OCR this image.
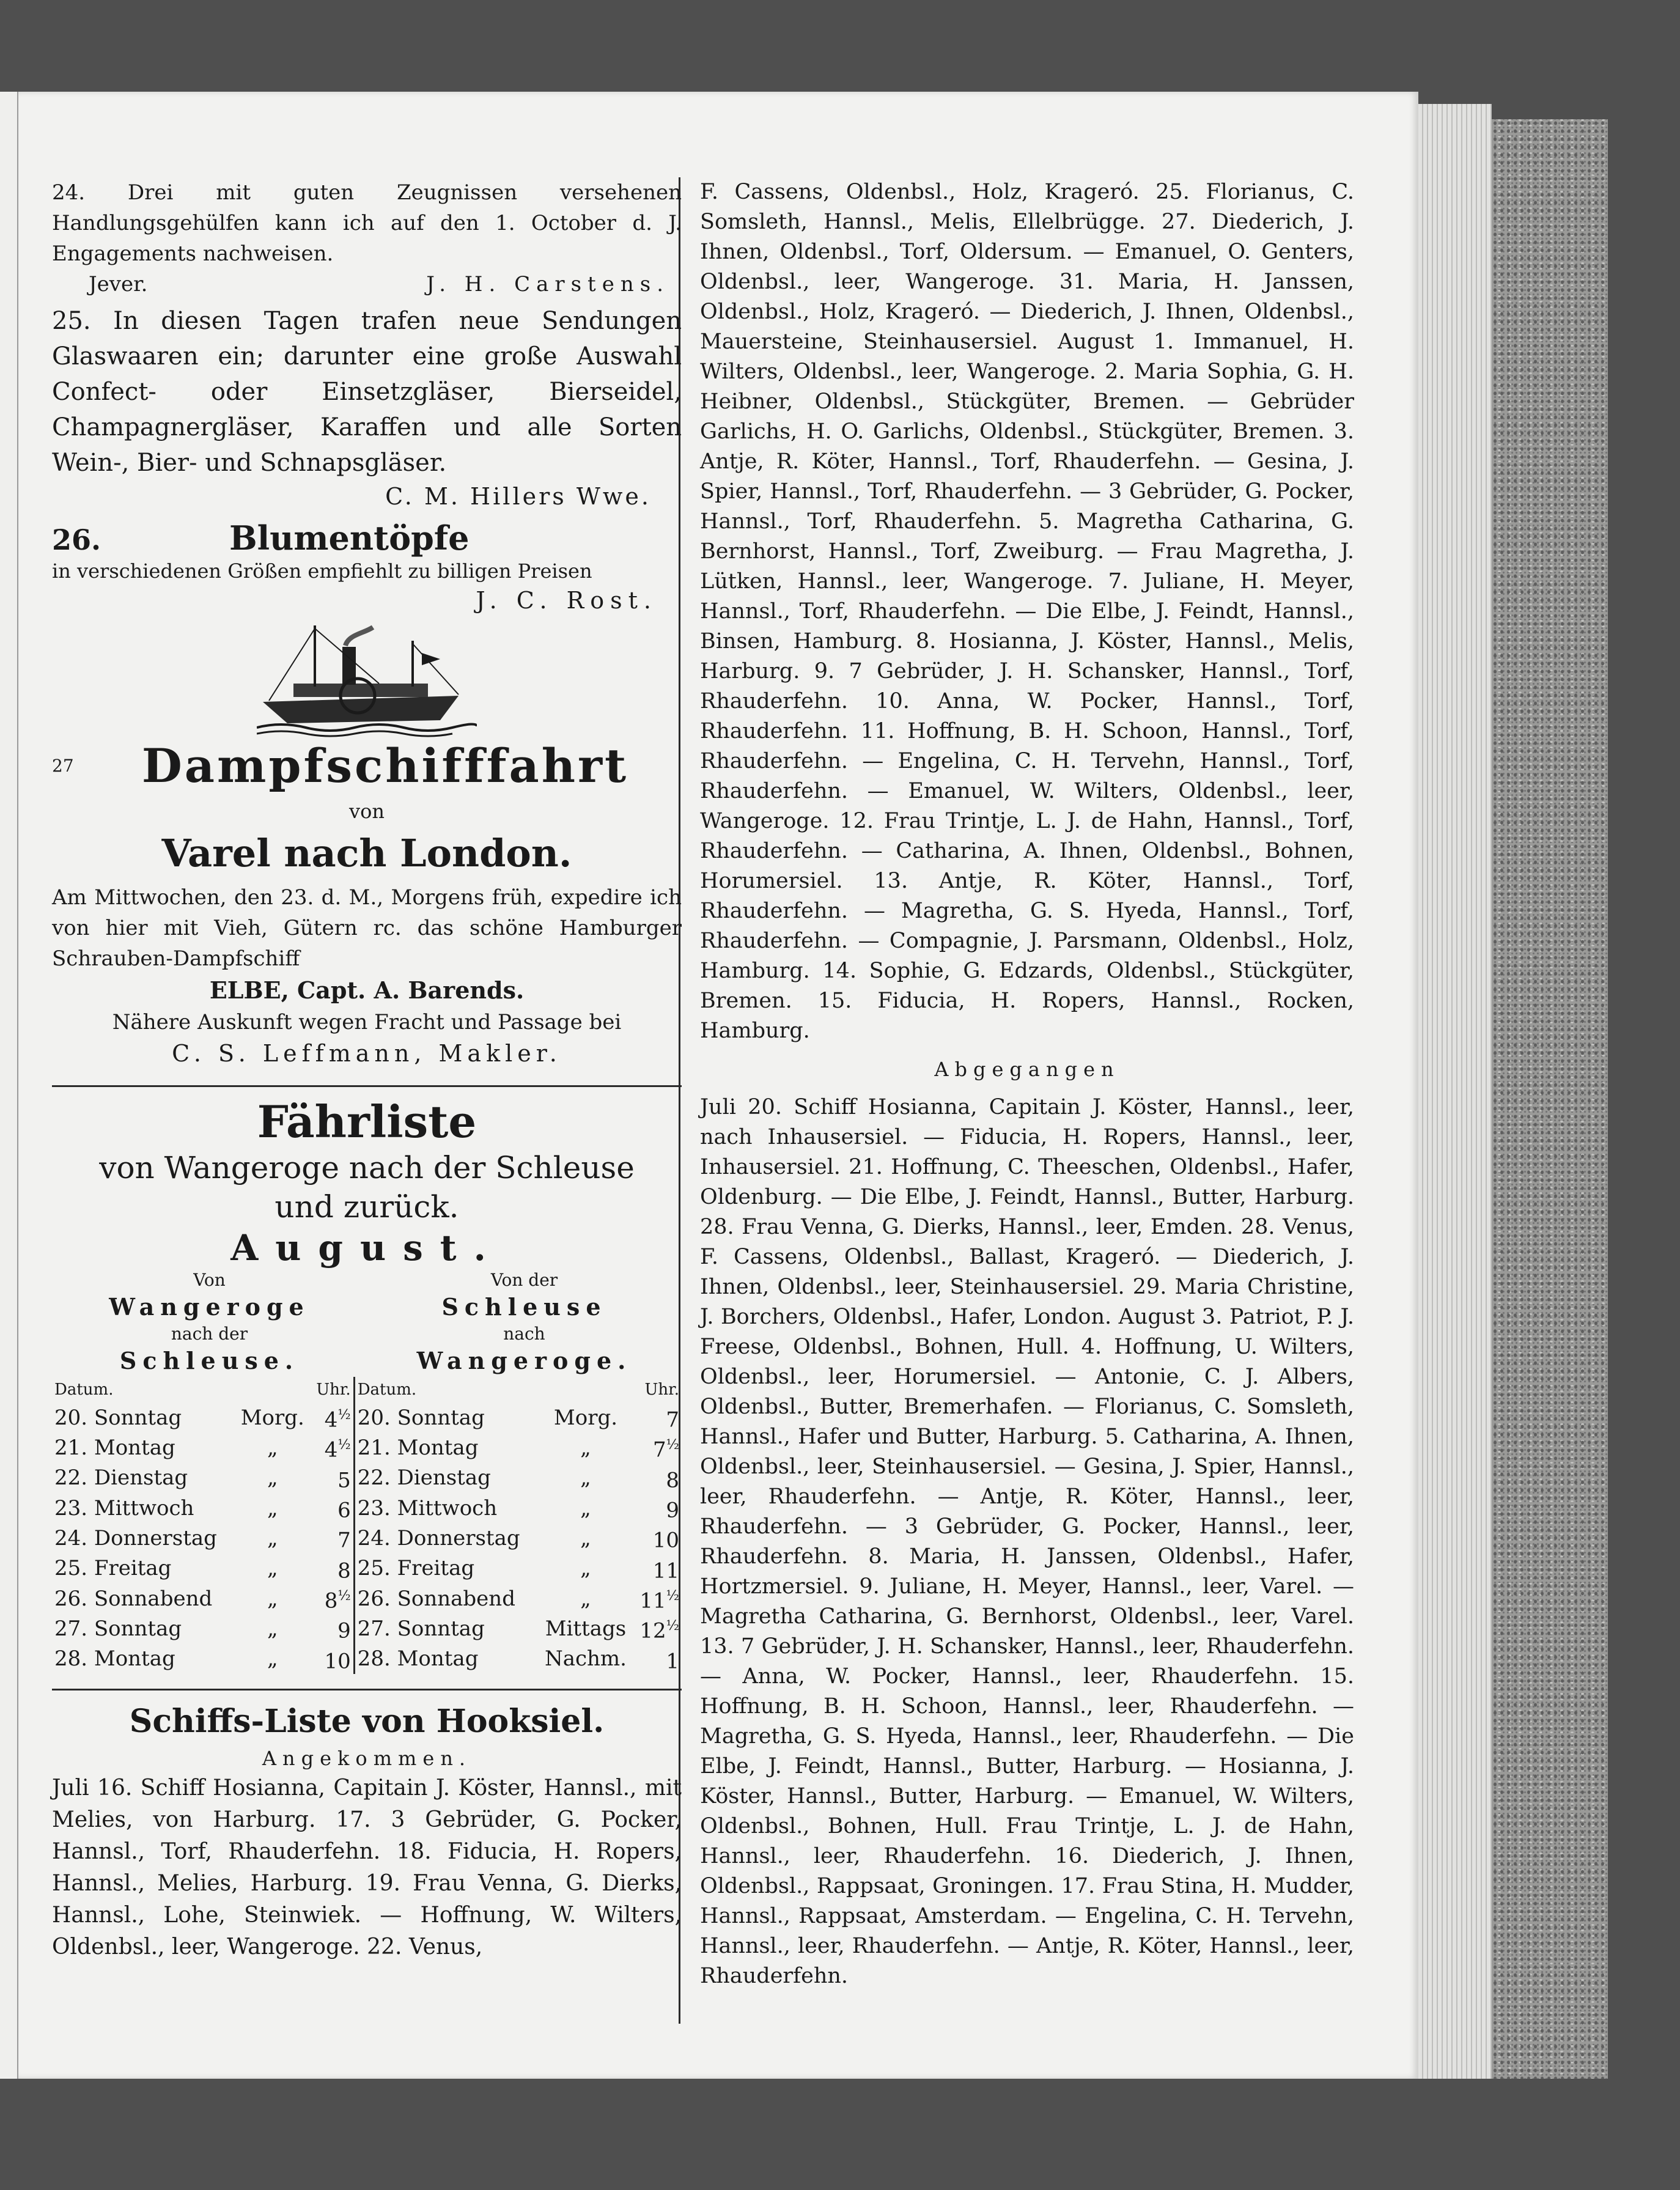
24. Drei mit guten Zeugnissen versehenen Handlungsgehülfen kann ich auf den 1. October d. J. Engagements nachweisen.

Jever.	J. H. Carstens.

25. In diesen Tagen trafen neue Sendungen Glaswaaren ein; darunter eine große Auswahl Confect- oder Einsetzgläser, Bierseidel, Champagnergläser, Karaffen und alle Sorten Wein-, Bier- und Schnapsgläser.

C. M. Hillers Wwe.

26.	Blumentöpfe

in verschiedenen Größen empfiehlt zu billigen Preisen

J. C. Rost.

27	Dampfschifffahrt

von

Varel nach London.

Am Mittwochen, den 23. d. M., Morgens früh, expedire ich von hier mit Vieh, Gütern rc. das schöne Hamburger Schrauben-Dampfschiff

ELBE, Capt. A. Barends.

Nähere Auskunft wegen Fracht und Passage bei

C. S. Leffmann, Makler.

Fährliste

von Wangeroge nach der Schleuse

und zurück.

August.

Von

Wangeroge

nach der

Schleuse.

Von der

Schleuse

nach

Wangeroge.

Datum.		Uhr.	Datum.		Uhr.
20. Sonntag	Morg.	$4^{\frac{1}{2}}$	20. Sonntag	Morg.	7
21. Montag	„	$4^{\frac{1}{2}}$	21. Montag	„	$7^{\frac{1}{2}}$
22. Dienstag	„	5	22. Dienstag	„	8
23. Mittwoch	„	6	23. Mittwoch	„	9
24. Donnerstag	„	7	24. Donnerstag	„	10
25. Freitag	„	8	25. Freitag	„	11
26. Sonnabend	„	$8^{\frac{1}{2}}$	26. Sonnabend	„	$11^{\frac{1}{2}}$
27. Sonntag	„	9	27. Sonntag	Mittags	$12^{\frac{1}{2}}$
28. Montag	„	10	28. Montag	Nachm.	1

Schiffs-Liste von Hooksiel.

Angekommen.

Juli 16. Schiff Hosianna, Capitain J. Köster, Hannsl., mit Melies, von Harburg. 17. 3 Gebrüder, G. Pocker, Hannsl., Torf, Rhauderfehn. 18. Fiducia, H. Ropers, Hannsl., Melies, Harburg. 19. Frau Venna, G. Dierks, Hannsl., Lohe, Steinwiek. — Hoffnung, W. Wilters, Oldenbsl., leer, Wangeroge. 22. Venus,

F. Cassens, Oldenbsl., Holz, Krageró. 25. Florianus, C. Somsleth, Hannsl., Melis, Ellelbrügge. 27. Diederich, J. Ihnen, Oldenbsl., Torf, Oldersum. — Emanuel, O. Genters, Oldenbsl., leer, Wangeroge. 31. Maria, H. Janssen, Oldenbsl., Holz, Krageró. — Diederich, J. Ihnen, Oldenbsl., Mauersteine, Steinhausersiel. August 1. Immanuel, H. Wilters, Oldenbsl., leer, Wangeroge. 2. Maria Sophia, G. H. Heibner, Oldenbsl., Stückgüter, Bremen. — Gebrüder Garlichs, H. O. Garlichs, Oldenbsl., Stückgüter, Bremen. 3. Antje, R. Köter, Hannsl., Torf, Rhauderfehn. — Gesina, J. Spier, Hannsl., Torf, Rhauderfehn. — 3 Gebrüder, G. Pocker, Hannsl., Torf, Rhauderfehn. 5. Magretha Catharina, G. Bernhorst, Hannsl., Torf, Zweiburg. — Frau Magretha, J. Lütken, Hannsl., leer, Wangeroge. 7. Juliane, H. Meyer, Hannsl., Torf, Rhauderfehn. — Die Elbe, J. Feindt, Hannsl., Binsen, Hamburg. 8. Hosianna, J. Köster, Hannsl., Melis, Harburg. 9. 7 Gebrüder, J. H. Schansker, Hannsl., Torf, Rhauderfehn. 10. Anna, W. Pocker, Hannsl., Torf, Rhauderfehn. 11. Hoffnung, B. H. Schoon, Hannsl., Torf, Rhauderfehn. — Engelina, C. H. Tervehn, Hannsl., Torf, Rhauderfehn. — Emanuel, W. Wilters, Oldenbsl., leer, Wangeroge. 12. Frau Trintje, L. J. de Hahn, Hannsl., Torf, Rhauderfehn. — Catharina, A. Ihnen, Oldenbsl., Bohnen, Horumersiel. 13. Antje, R. Köter, Hannsl., Torf, Rhauderfehn. — Magretha, G. S. Hyeda, Hannsl., Torf, Rhauderfehn. — Compagnie, J. Parsmann, Oldenbsl., Holz, Hamburg. 14. Sophie, G. Edzards, Oldenbsl., Stückgüter, Bremen. 15. Fiducia, H. Ropers, Hannsl., Rocken, Hamburg.

Abgegangen

Juli 20. Schiff Hosianna, Capitain J. Köster, Hannsl., leer, nach Inhausersiel. — Fiducia, H. Ropers, Hannsl., leer, Inhausersiel. 21. Hoffnung, C. Theeschen, Oldenbsl., Hafer, Oldenburg. — Die Elbe, J. Feindt, Hannsl., Butter, Harburg. 28. Frau Venna, G. Dierks, Hannsl., leer, Emden. 28. Venus, F. Cassens, Oldenbsl., Ballast, Krageró. — Diederich, J. Ihnen, Oldenbsl., leer, Steinhausersiel. 29. Maria Christine, J. Borchers, Oldenbsl., Hafer, London. August 3. Patriot, P. J. Freese, Oldenbsl., Bohnen, Hull. 4. Hoffnung, U. Wilters, Oldenbsl., leer, Horumersiel. — Antonie, C. J. Albers, Oldenbsl., Butter, Bremerhafen. — Florianus, C. Somsleth, Hannsl., Hafer und Butter, Harburg. 5. Catharina, A. Ihnen, Oldenbsl., leer, Steinhausersiel. — Gesina, J. Spier, Hannsl., leer, Rhauderfehn. — Antje, R. Köter, Hannsl., leer, Rhauderfehn. — 3 Gebrüder, G. Pocker, Hannsl., leer, Rhauderfehn. 8. Maria, H. Janssen, Oldenbsl., Hafer, Hortzmersiel. 9. Juliane, H. Meyer, Hannsl., leer, Varel. — Magretha Catharina, G. Bernhorst, Oldenbsl., leer, Varel. 13. 7 Gebrüder, J. H. Schansker, Hannsl., leer, Rhauderfehn. — Anna, W. Pocker, Hannsl., leer, Rhauderfehn. 15. Hoffnung, B. H. Schoon, Hannsl., leer, Rhauderfehn. — Magretha, G. S. Hyeda, Hannsl., leer, Rhauderfehn. — Die Elbe, J. Feindt, Hannsl., Butter, Harburg. — Hosianna, J. Köster, Hannsl., Butter, Harburg. — Emanuel, W. Wilters, Oldenbsl., Bohnen, Hull. Frau Trintje, L. J. de Hahn, Hannsl., leer, Rhauderfehn. 16. Diederich, J. Ihnen, Oldenbsl., Rappsaat, Groningen. 17. Frau Stina, H. Mudder, Hannsl., Rappsaat, Amsterdam. — Engelina, C. H. Tervehn, Hannsl., leer, Rhauderfehn. — Antje, R. Köter, Hannsl., leer, Rhauderfehn.
